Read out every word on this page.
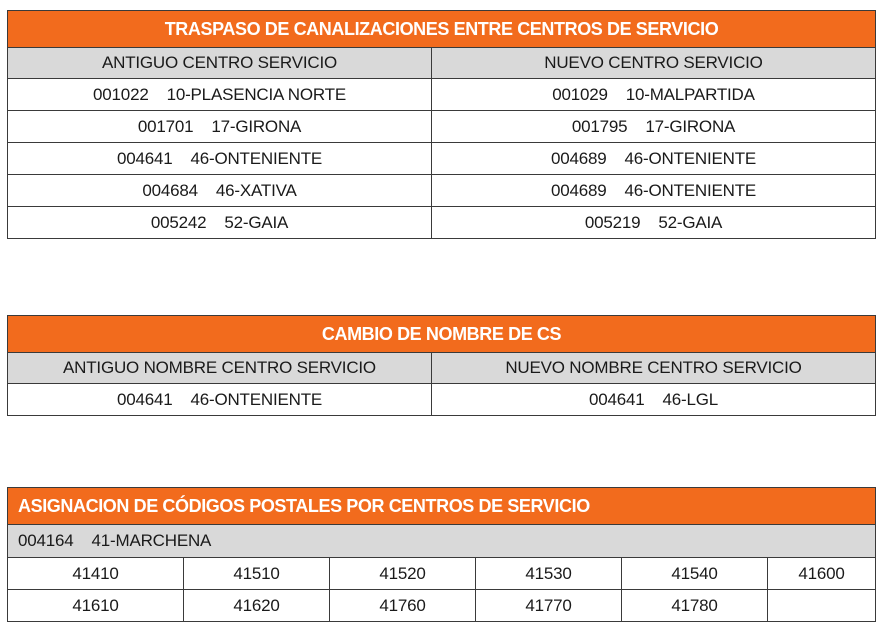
TRASPASO DE CANALIZACIONES ENTRE CENTROS DE SERVICIO	
ANTIGUO CENTRO SERVICIO	NUEVO CENTRO SERVICIO
001022 10-PLASENCIA NORTE	001029 10-MALPARTIDA
001701 17-GIRONA	001795 17-GIRONA
004641 46-ONTENIENTE	004689 46-ONTENIENTE
004684 46-XATIVA	004689 46-ONTENIENTE
005242 52-GAIA	005219 52-GAIA
CAMBIO DE NOMBRE DE CS	
ANTIGUO NOMBRE CENTRO SERVICIO	NUEVO NOMBRE CENTRO SERVICIO
004641 46-ONTENIENTE	004641 46-LGL
ASIGNACION DE CÓDIGOS POSTALES POR CENTROS DE SERVICIO					
004164 41-MARCHENA					
41410	41510	41520	41530	41540	41600
41610	41620	41760	41770	41780	
